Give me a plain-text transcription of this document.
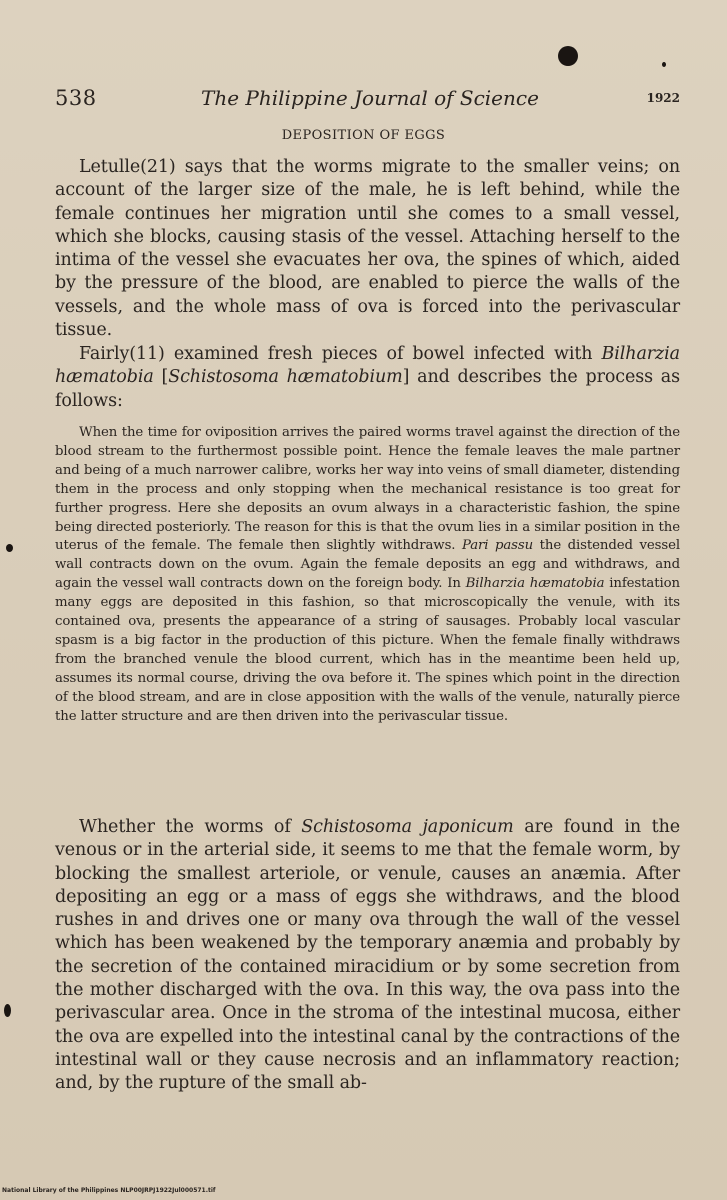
538	The Philippine Journal of Science	1922
DEPOSITION OF EGGS

Letulle(21) says that the worms migrate to the smaller veins; on account of the larger size of the male, he is left behind, while the female continues her migration until she comes to a small vessel, which she blocks, causing stasis of the vessel. Attaching herself to the intima of the vessel she evacuates her ova, the spines of which, aided by the pressure of the blood, are enabled to pierce the walls of the vessels, and the whole mass of ova is forced into the perivascular tissue.

Fairly(11) examined fresh pieces of bowel infected with Bilharzia hæmatobia [Schistosoma hæmatobium] and describes the process as follows:

When the time for oviposition arrives the paired worms travel against the direction of the blood stream to the furthermost possible point. Hence the female leaves the male partner and being of a much narrower calibre, works her way into veins of small diameter, distending them in the process and only stopping when the mechanical resistance is too great for further progress. Here she deposits an ovum always in a characteristic fashion, the spine being directed posteriorly. The reason for this is that the ovum lies in a similar position in the uterus of the female. The female then slightly withdraws. Pari passu the distended vessel wall contracts down on the ovum. Again the female deposits an egg and withdraws, and again the vessel wall contracts down on the foreign body. In Bilharzia hæmatobia infestation many eggs are deposited in this fashion, so that microscopically the venule, with its contained ova, presents the appearance of a string of sausages. Probably local vascular spasm is a big factor in the production of this picture. When the female finally withdraws from the branched venule the blood current, which has in the meantime been held up, assumes its normal course, driving the ova before it. The spines which point in the direction of the blood stream, and are in close apposition with the walls of the venule, naturally pierce the latter structure and are then driven into the perivascular tissue.

Whether the worms of Schistosoma japonicum are found in the venous or in the arterial side, it seems to me that the female worm, by blocking the smallest arteriole, or venule, causes an anæmia. After depositing an egg or a mass of eggs she withdraws, and the blood rushes in and drives one or many ova through the wall of the vessel which has been weakened by the temporary anæmia and probably by the secretion of the contained miracidium or by some secretion from the mother discharged with the ova. In this way, the ova pass into the perivascular area. Once in the stroma of the intestinal mucosa, either the ova are expelled into the intestinal canal by the contractions of the intestinal wall or they cause necrosis and an inflammatory reaction; and, by the rupture of the small ab-

National Library of the Philippines NLP00JRPJ1922Jul000571.tif
